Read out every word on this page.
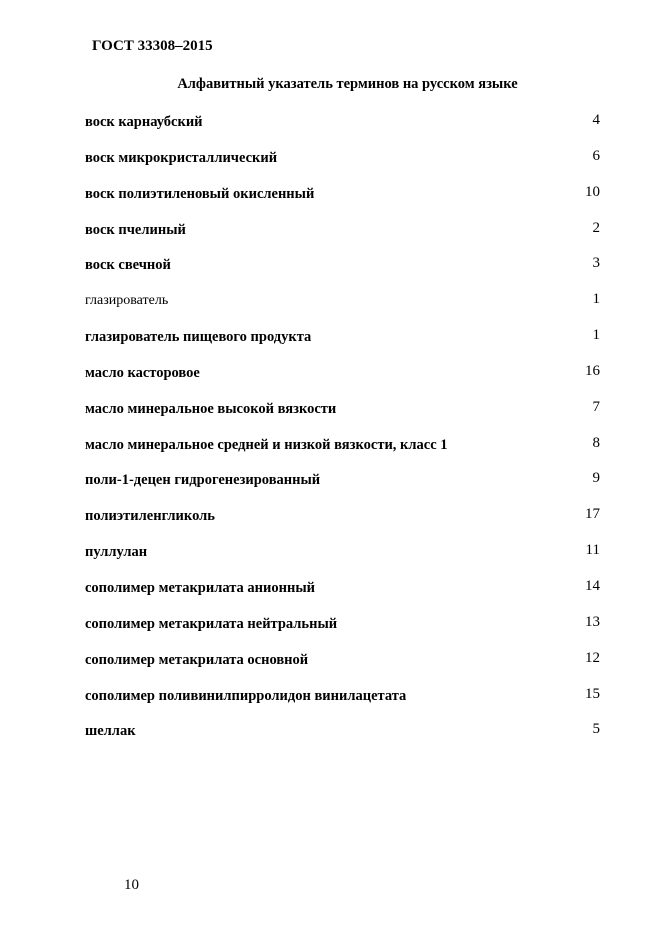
ГОСТ 33308–2015
Алфавитный указатель терминов на русском языке
воск карнаубский	4
воск микрокристаллический	6
воск полиэтиленовый окисленный	10
воск пчелиный	2
воск свечной	3
глазирователь	1
глазирователь пищевого продукта	1
масло касторовое	16
масло минеральное высокой вязкости	7
масло минеральное средней и низкой вязкости, класс 1	8
поли-1-децен гидрогенезированный	9
полиэтиленгликоль	17
пуллулан	11
сополимер метакрилата анионный	14
сополимер метакрилата нейтральный	13
сополимер метакрилата основной	12
сополимер поливинилпирролидон винилацетата	15
шеллак	5
10
